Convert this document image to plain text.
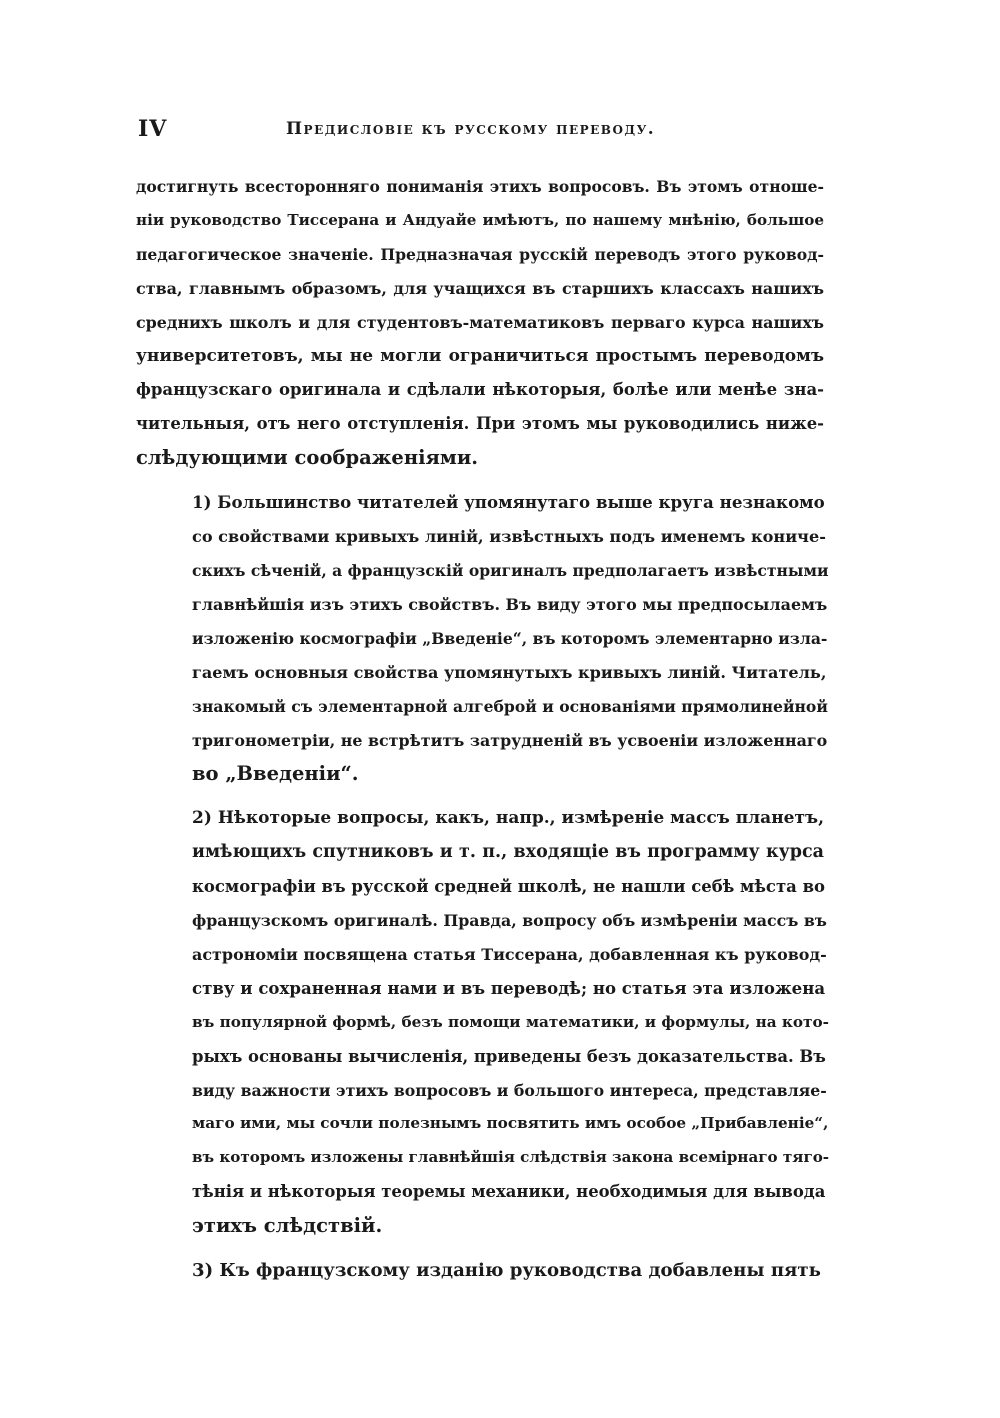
IV	Предисловіе къ русскому переводу.
достигнуть всесторонняго пониманія этихъ вопросовъ. Въ этомъ отноше-
ніи руководство Тиссерана и Андуайе имѣютъ, по нашему мнѣнію, большое
педагогическое значеніе. Предназначая русскій переводъ этого руковод-
ства, главнымъ образомъ, для учащихся въ старшихъ классахъ нашихъ
среднихъ школъ и для студентовъ-математиковъ перваго курса нашихъ
университетовъ, мы не могли ограничиться простымъ переводомъ
французскаго оригинала и сдѣлали нѣкоторыя, болѣе или менѣе зна-
чительныя, отъ него отступленія. При этомъ мы руководились ниже-
слѣдующими соображеніями.
1) Большинство читателей упомянутаго выше круга незнакомо
со свойствами кривыхъ линій, извѣстныхъ подъ именемъ кониче-
скихъ сѣченій, а французскій оригиналъ предполагаетъ извѣстными
главнѣйшія изъ этихъ свойствъ. Въ виду этого мы предпосылаемъ
изложенію космографіи „Введеніе“, въ которомъ элементарно излa-
гаемъ основныя свойства упомянутыхъ кривыхъ линій. Читатель,
знакомый съ элементарной алгеброй и основаніями прямолинейной
тригонометріи, не встрѣтитъ затрудненій въ усвоеніи изложеннаго
во „Введеніи“.
2) Нѣкоторые вопросы, какъ, напр., измѣреніе массъ планетъ,
имѣющихъ спутниковъ и т. п., входящіе въ программу курса
космографіи въ русской средней школѣ, не нашли себѣ мѣста во
французскомъ оригиналѣ. Правда, вопросу объ измѣреніи массъ въ
астрономіи посвящена статья Тиссерана, добавленная къ руковод-
ству и сохраненная нами и въ переводѣ; но статья эта изложена
въ популярной формѣ, безъ помощи математики, и формулы, на кото-
рыхъ основаны вычисленія, приведены безъ доказательства. Въ
виду важности этихъ вопросовъ и большого интереса, представляе-
маго ими, мы сочли полезнымъ посвятить имъ особое „Прибавленіе“,
въ которомъ изложены главнѣйшія слѣдствія закона всемірнаго тяго-
тѣнія и нѣкоторыя теоремы механики, необходимыя для вывода
этихъ слѣдствій.
3) Къ французскому изданію руководства добавлены пять
